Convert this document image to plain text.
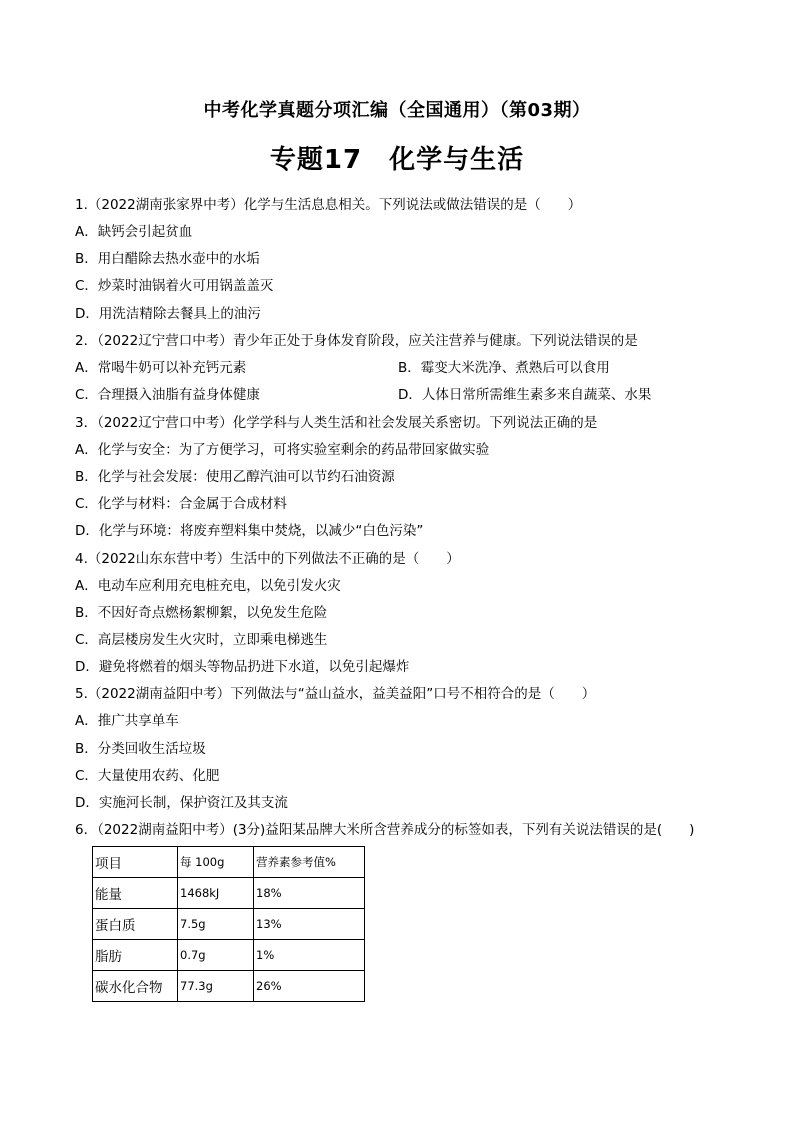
中考化学真题分项汇编（全国通用）（第03期）
专题17　化学与生活
1.（2022湖南张家界中考）化学与生活息息相关。下列说法或做法错误的是（　　）
A．缺钙会引起贫血
B．用白醋除去热水壶中的水垢
C．炒菜时油锅着火可用锅盖盖灭
D．用洗洁精除去餐具上的油污
2．（2022辽宁营口中考）青少年正处于身体发育阶段，应关注营养与健康。下列说法错误的是
A．常喝牛奶可以补充钙元素	B．霉变大米洗净、煮熟后可以食用
C．合理摄入油脂有益身体健康	D．人体日常所需维生素多来自蔬菜、水果
3．（2022辽宁营口中考）化学学科与人类生活和社会发展关系密切。下列说法正确的是
A．化学与安全：为了方便学习，可将实验室剩余的药品带回家做实验
B．化学与社会发展：使用乙醇汽油可以节约石油资源
C．化学与材料：合金属于合成材料
D．化学与环境：将废弃塑料集中焚烧，以减少“白色污染”
4.（2022山东东营中考）生活中的下列做法不正确的是（　　）
A．电动车应利用充电桩充电，以免引发火灾
B．不因好奇点燃杨絮柳絮，以免发生危险
C．高层楼房发生火灾时，立即乘电梯逃生
D．避免将燃着的烟头等物品扔进下水道，以免引起爆炸
5.（2022湖南益阳中考）下列做法与“益山益水，益美益阳”口号不相符合的是（　　）
A．推广共享单车
B．分类回收生活垃圾
C．大量使用农药、化肥
D．实施河长制，保护资江及其支流
6．（2022湖南益阳中考）(3分)益阳某品牌大米所含营养成分的标签如表，下列有关说法错误的是(　　)
项目	每 100g	营养素参考值%
能量	1468kJ	18%
蛋白质	7.5g	13%
脂肪	0.7g	1%
碳水化合物	77.3g	26%
